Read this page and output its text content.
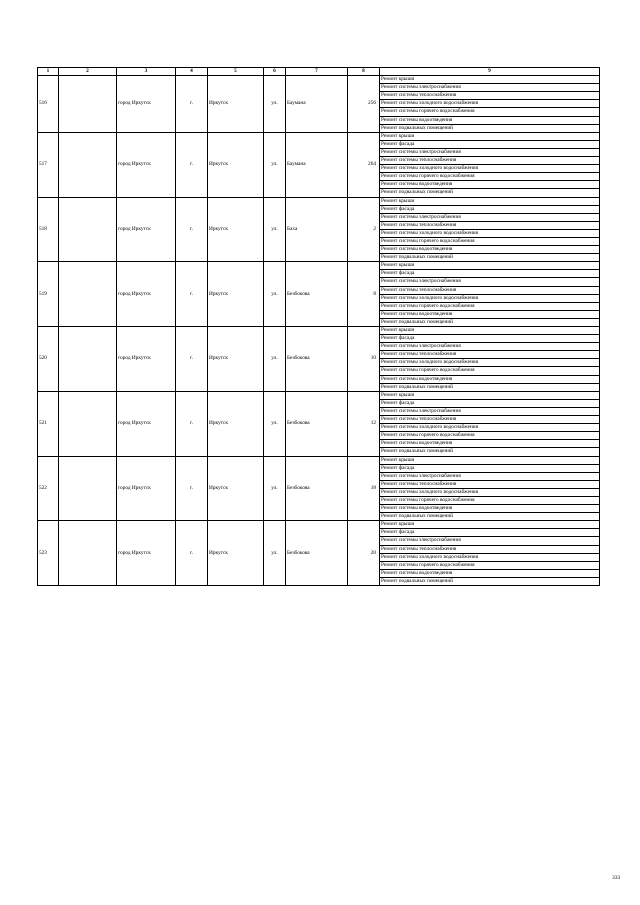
1	2	3	4	5	6	7	8	9
516		город Иркутск	г.	Иркутск	ул.	Баумана	256	Ремонт крыши
								Ремонт системы электроснабжения
								Ремонт системы теплоснабжения
								Ремонт системы холодного водоснабжения
								Ремонт системы горячего водоснабжения
								Ремонт системы водоотведения
								Ремонт подвальных помещений
517		город Иркутск	г.	Иркутск	ул.	Баумана	264	Ремонт крыши
								Ремонт фасада
								Ремонт системы электроснабжения
								Ремонт системы теплоснабжения
								Ремонт системы холодного водоснабжения
								Ремонт системы горячего водоснабжения
								Ремонт системы водоотведения
								Ремонт подвальных помещений
518		город Иркутск	г.	Иркутск	ул.	Баха	2	Ремонт крыши
								Ремонт фасада
								Ремонт системы электроснабжения
								Ремонт системы теплоснабжения
								Ремонт системы холодного водоснабжения
								Ремонт системы горячего водоснабжения
								Ремонт системы водоотведения
								Ремонт подвальных помещений
519		город Иркутск	г.	Иркутск	ул.	Безбокова	8	Ремонт крыши
								Ремонт фасада
								Ремонт системы электроснабжения
								Ремонт системы теплоснабжения
								Ремонт системы холодного водоснабжения
								Ремонт системы горячего водоснабжения
								Ремонт системы водоотведения
								Ремонт подвальных помещений
520		город Иркутск	г.	Иркутск	ул.	Безбокова	10	Ремонт крыши
								Ремонт фасада
								Ремонт системы электроснабжения
								Ремонт системы теплоснабжения
								Ремонт системы холодного водоснабжения
								Ремонт системы горячего водоснабжения
								Ремонт системы водоотведения
								Ремонт подвальных помещений
521		город Иркутск	г.	Иркутск	ул.	Безбокова	12	Ремонт крыши
								Ремонт фасада
								Ремонт системы электроснабжения
								Ремонт системы теплоснабжения
								Ремонт системы холодного водоснабжения
								Ремонт системы горячего водоснабжения
								Ремонт системы водоотведения
								Ремонт подвальных помещений
522		город Иркутск	г.	Иркутск	ул.	Безбокова	18	Ремонт крыши
								Ремонт фасада
								Ремонт системы электроснабжения
								Ремонт системы теплоснабжения
								Ремонт системы холодного водоснабжения
								Ремонт системы горячего водоснабжения
								Ремонт системы водоотведения
								Ремонт подвальных помещений
523		город Иркутск	г.	Иркутск	ул.	Безбокова	20	Ремонт крыши
								Ремонт фасада
								Ремонт системы электроснабжения
								Ремонт системы теплоснабжения
								Ремонт системы холодного водоснабжения
								Ремонт системы горячего водоснабжения
								Ремонт системы водоотведения
								Ремонт подвальных помещений
333
